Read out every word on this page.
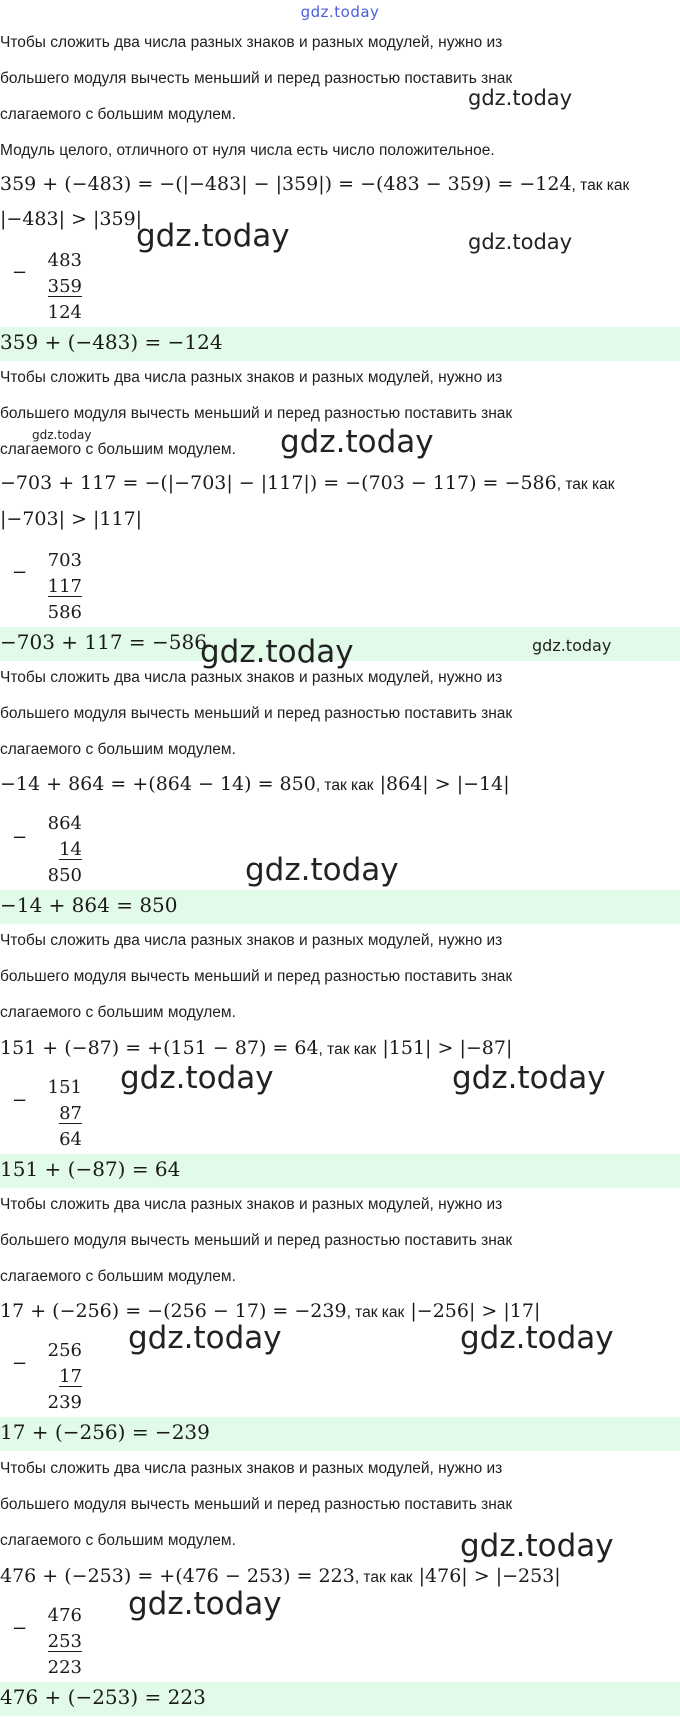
gdz.today
Чтобы сложить два числа разных знаков и разных модулей, нужно из
большего модуля вычесть меньший и перед разностью поставить знак
слагаемого с большим модулем.
Модуль целого, отличного от нуля числа есть число положительное.
359 + (−483) = −(|−483| − |359|) = −(483 − 359) = −124, так как
|−483| > |359|
−
483
359
124
359 + (−483) = −124
Чтобы сложить два числа разных знаков и разных модулей, нужно из
большего модуля вычесть меньший и перед разностью поставить знак
слагаемого с большим модулем.
−703 + 117 = −(|−703| − |117|) = −(703 − 117) = −586, так как
|−703| > |117|
−
703
117
586
−703 + 117 = −586
Чтобы сложить два числа разных знаков и разных модулей, нужно из
большего модуля вычесть меньший и перед разностью поставить знак
слагаемого с большим модулем.
−14 + 864 = +(864 − 14) = 850, так как |864| > |−14|
−
864
14
850
−14 + 864 = 850
Чтобы сложить два числа разных знаков и разных модулей, нужно из
большего модуля вычесть меньший и перед разностью поставить знак
слагаемого с большим модулем.
151 + (−87) = +(151 − 87) = 64, так как |151| > |−87|
−
151
87
64
151 + (−87) = 64
Чтобы сложить два числа разных знаков и разных модулей, нужно из
большего модуля вычесть меньший и перед разностью поставить знак
слагаемого с большим модулем.
17 + (−256) = −(256 − 17) = −239, так как |−256| > |17|
−
256
17
239
17 + (−256) = −239
Чтобы сложить два числа разных знаков и разных модулей, нужно из
большего модуля вычесть меньший и перед разностью поставить знак
слагаемого с большим модулем.
476 + (−253) = +(476 − 253) = 223, так как |476| > |−253|
−
476
253
223
476 + (−253) = 223
gdz.today
gdz.today	gdz.today
gdz.today	gdz.today
gdz.today	gdz.today
gdz.today
gdz.today	gdz.today
gdz.today	gdz.today
gdz.today
gdz.today
